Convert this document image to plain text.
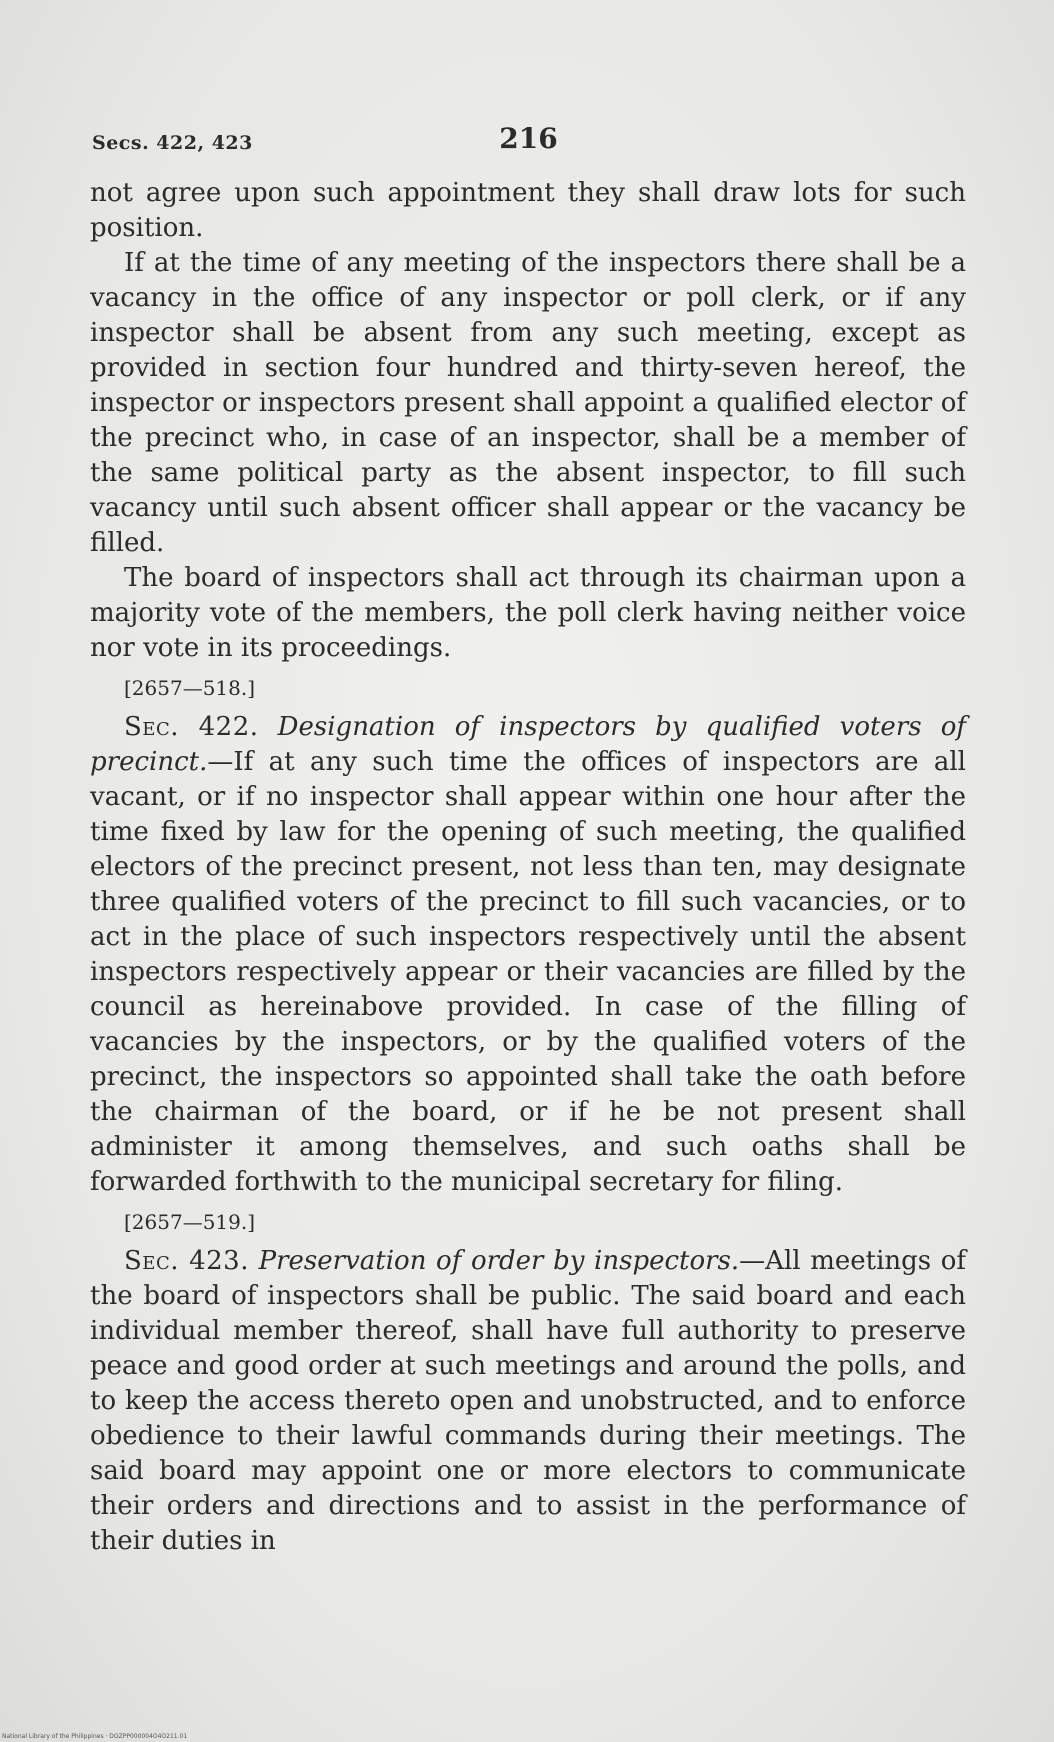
Secs. 422, 423	216

not agree upon such appointment they shall draw lots for such position.

If at the time of any meeting of the inspectors there shall be a vacancy in the office of any inspector or poll clerk, or if any inspector shall be absent from any such meeting, except as provided in section four hundred and thirty-seven hereof, the inspector or inspectors present shall appoint a qualified elector of the precinct who, in case of an inspector, shall be a member of the same political party as the absent inspector, to fill such vacancy until such absent officer shall appear or the vacancy be filled.

The board of inspectors shall act through its chairman upon a majority vote of the members, the poll clerk having neither voice nor vote in its proceedings.

[2657—518.]

Sec. 422. Designation of inspectors by qualified voters of precinct.—If at any such time the offices of inspectors are all vacant, or if no inspector shall appear within one hour after the time fixed by law for the opening of such meeting, the qualified electors of the precinct present, not less than ten, may designate three qualified voters of the precinct to fill such vacancies, or to act in the place of such inspectors respectively until the absent inspectors respectively appear or their vacancies are filled by the council as hereinabove provided. In case of the filling of vacancies by the inspectors, or by the qualified voters of the precinct, the inspectors so appointed shall take the oath before the chairman of the board, or if he be not present shall administer it among themselves, and such oaths shall be forwarded forthwith to the municipal secretary for filing.

[2657—519.]

Sec. 423. Preservation of order by inspectors.—All meetings of the board of inspectors shall be public. The said board and each individual member thereof, shall have full authority to preserve peace and good order at such meetings and around the polls, and to keep the access thereto open and unobstructed, and to enforce obedience to their lawful commands during their meetings. The said board may appoint one or more electors to communicate their orders and directions and to assist in the performance of their duties in

National Library of the Philippines · DOZPP000004O4O211.01
